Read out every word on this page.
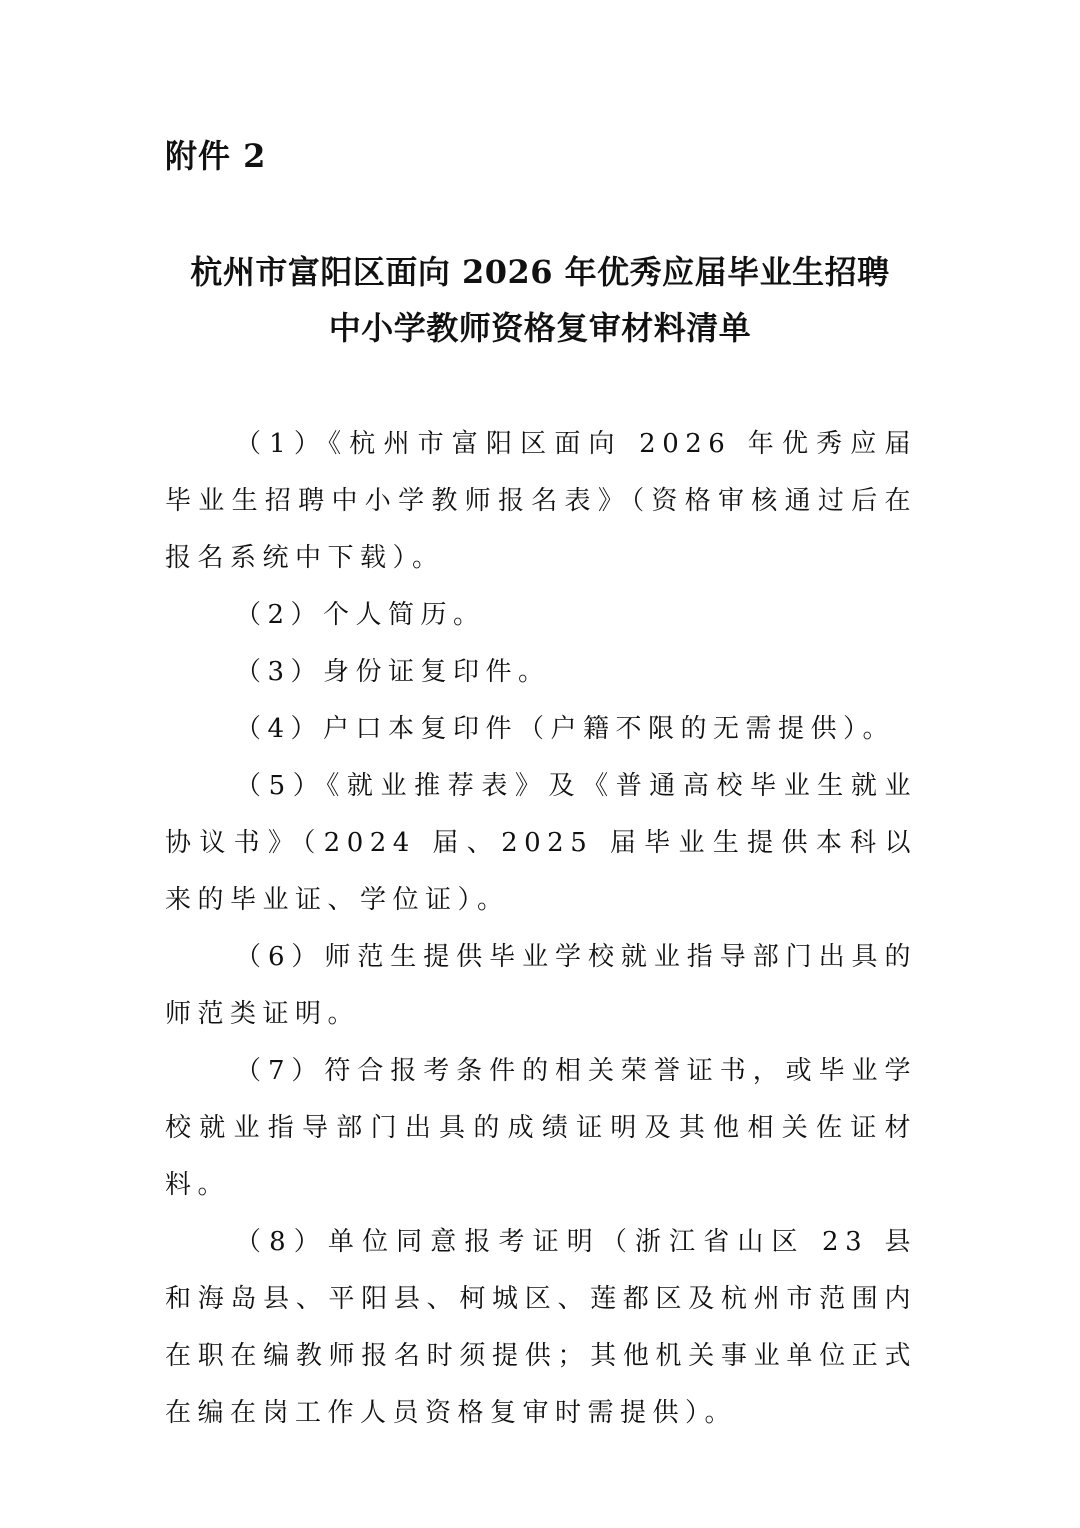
附件 2
杭州市富阳区面向 2026 年优秀应届毕业生招聘
中小学教师资格复审材料清单

（1）《杭州市富阳区面向 2026 年优秀应届毕业生招聘中小学教师报名表》（资格审核通过后在报名系统中下载）。

（2）个人简历。

（3）身份证复印件。

（4）户口本复印件（户籍不限的无需提供）。

（5）《就业推荐表》及《普通高校毕业生就业协议书》（2024 届、2025 届毕业生提供本科以来的毕业证、学位证）。

（6）师范生提供毕业学校就业指导部门出具的师范类证明。

（7）符合报考条件的相关荣誉证书，或毕业学校就业指导部门出具的成绩证明及其他相关佐证材料。

（8）单位同意报考证明（浙江省山区 23 县和海岛县、平阳县、柯城区、莲都区及杭州市范围内在职在编教师报名时须提供；其他机关事业单位正式在编在岗工作人员资格复审时需提供）。
